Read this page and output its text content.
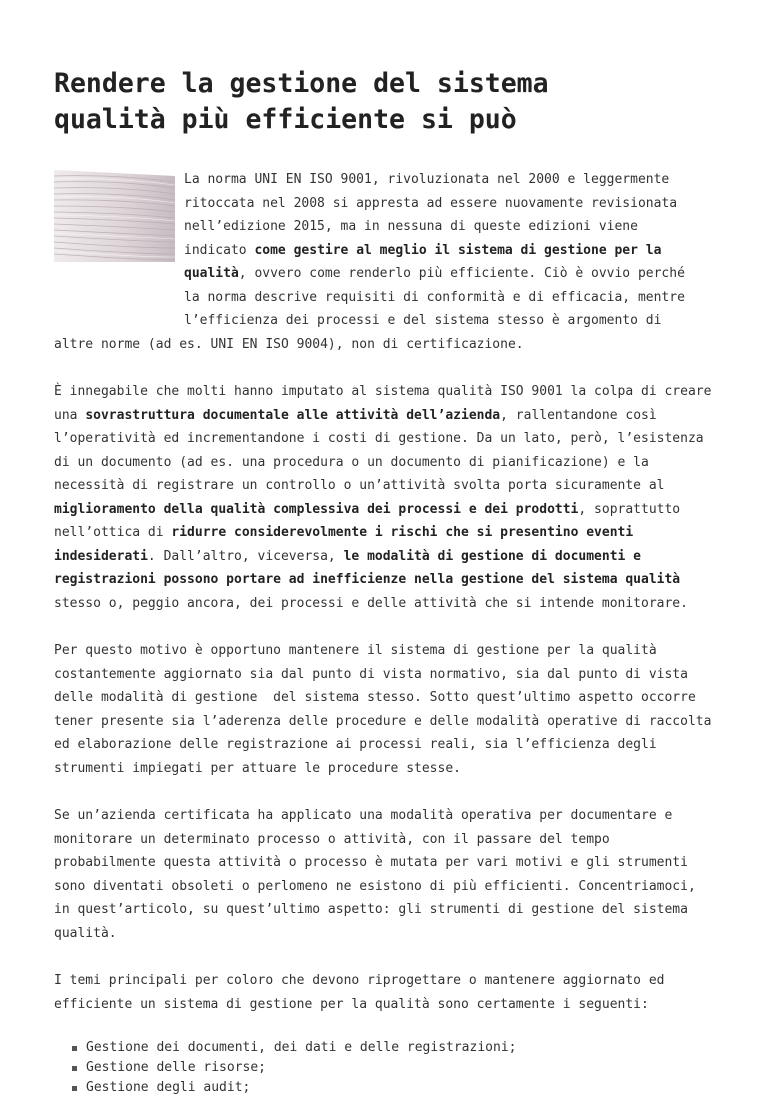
Rendere la gestione del sistema
qualità più efficiente si può
La norma UNI EN ISO 9001, rivoluzionata nel 2000 e leggermente
ritoccata nel 2008 si appresta ad essere nuovamente revisionata
nell’edizione 2015, ma in nessuna di queste edizioni viene
indicato come gestire al meglio il sistema di gestione per la
qualità, ovvero come renderlo più efficiente. Ciò è ovvio perché
la norma descrive requisiti di conformità e di efficacia, mentre
l’efficienza dei processi e del sistema stesso è argomento di
altre norme (ad es. UNI EN ISO 9004), non di certificazione.
È innegabile che molti hanno imputato al sistema qualità ISO 9001 la colpa di creare
una sovrastruttura documentale alle attività dell’azienda, rallentandone così
l’operatività ed incrementandone i costi di gestione. Da un lato, però, l’esistenza
di un documento (ad es. una procedura o un documento di pianificazione) e la
necessità di registrare un controllo o un’attività svolta porta sicuramente al
miglioramento della qualità complessiva dei processi e dei prodotti, soprattutto
nell’ottica di ridurre considerevolmente i rischi che si presentino eventi
indesiderati. Dall’altro, viceversa, le modalità di gestione di documenti e
registrazioni possono portare ad inefficienze nella gestione del sistema qualità
stesso o, peggio ancora, dei processi e delle attività che si intende monitorare.
Per questo motivo è opportuno mantenere il sistema di gestione per la qualità
costantemente aggiornato sia dal punto di vista normativo, sia dal punto di vista
delle modalità di gestione  del sistema stesso. Sotto quest’ultimo aspetto occorre
tener presente sia l’aderenza delle procedure e delle modalità operative di raccolta
ed elaborazione delle registrazione ai processi reali, sia l’efficienza degli
strumenti impiegati per attuare le procedure stesse.
Se un’azienda certificata ha applicato una modalità operativa per documentare e
monitorare un determinato processo o attività, con il passare del tempo
probabilmente questa attività o processo è mutata per vari motivi e gli strumenti
sono diventati obsoleti o perlomeno ne esistono di più efficienti. Concentriamoci,
in quest’articolo, su quest’ultimo aspetto: gli strumenti di gestione del sistema
qualità.
I temi principali per coloro che devono riprogettare o mantenere aggiornato ed
efficiente un sistema di gestione per la qualità sono certamente i seguenti:
Gestione dei documenti, dei dati e delle registrazioni;
Gestione delle risorse;
Gestione degli audit;
